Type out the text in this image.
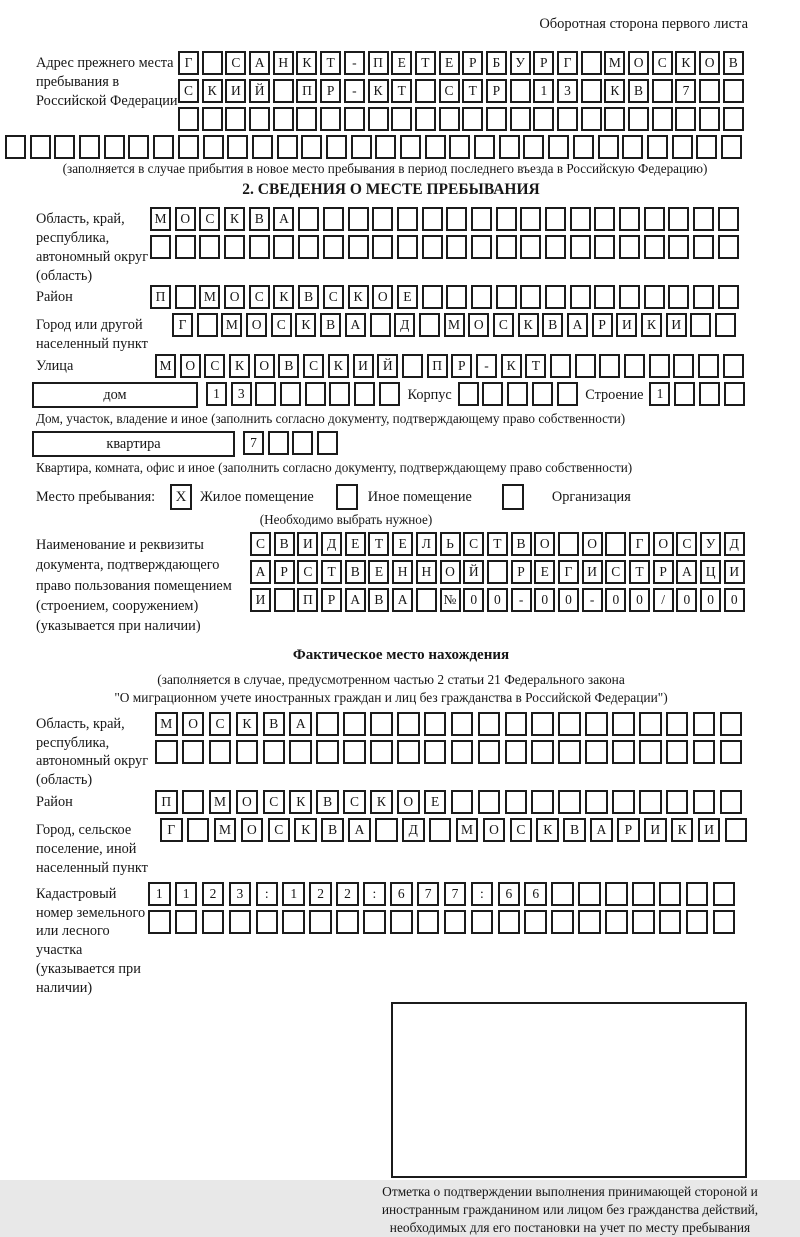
Оборотная сторона первого листа
Адрес прежнего места пребывания в Российской Федерации
Г	С А Н К Т - П Е Т Е Р Б У Р Г	М О С К О В
С К И Й	П Р - К Т	С Т Р	1 3	К В	7
(заполняется в случае прибытия в новое место пребывания в период последнего въезда в Российскую Федерацию)
2. СВЕДЕНИЯ О МЕСТЕ ПРЕБЫВАНИЯ
Область, край, республика, автономный округ (область)
М О С К В А
Район	П	М О С К В С К О Е
Город или другой населенный пункт
Г	М О С К В А	Д	М О С К В А Р И К И
Улица	М О С К О В С К И Й	П Р - К Т
дом	1 3	Корпус	Строение 1
Дом, участок, владение и иное (заполнить согласно документу, подтверждающему право собственности)
квартира	7
Квартира, комната, офис и иное (заполнить согласно документу, подтверждающему право собственности)
Место пребывания:	X Жилое помещение	Иное помещение	Организация
(Необходимо выбрать нужное)
Наименование и реквизиты документа, подтверждающего право пользования помещением (строением, сооружением) (указывается при наличии)
С В И Д Е Т Е Л Ь С Т В О	О	Г О С У Д
А Р С Т В Е Н Н О Й	Р Е Г И С Т Р А Ц И
И	П Р А В А	№ 0 0 - 0 0 - 0 0 / 0 0 0
Фактическое место нахождения
(заполняется в случае, предусмотренном частью 2 статьи 21 Федерального закона
"О миграционном учете иностранных граждан и лиц без гражданства в Российской Федерации")
Область, край, республика, автономный округ (область)
М О С К В А
Район	П	М О С К В С К О Е
Город, сельское поселение, иной населенный пункт
Г	М О С К В А	Д	М О С К В А Р И К И
Кадастровый номер земельного или лесного участка (указывается при наличии)
1 1 2 3 : 1 2 2 : 6 7 7 : 6 6
Отметка о подтверждении выполнения принимающей стороной и иностранным гражданином или лицом без гражданства действий, необходимых для его постановки на учет по месту пребывания
